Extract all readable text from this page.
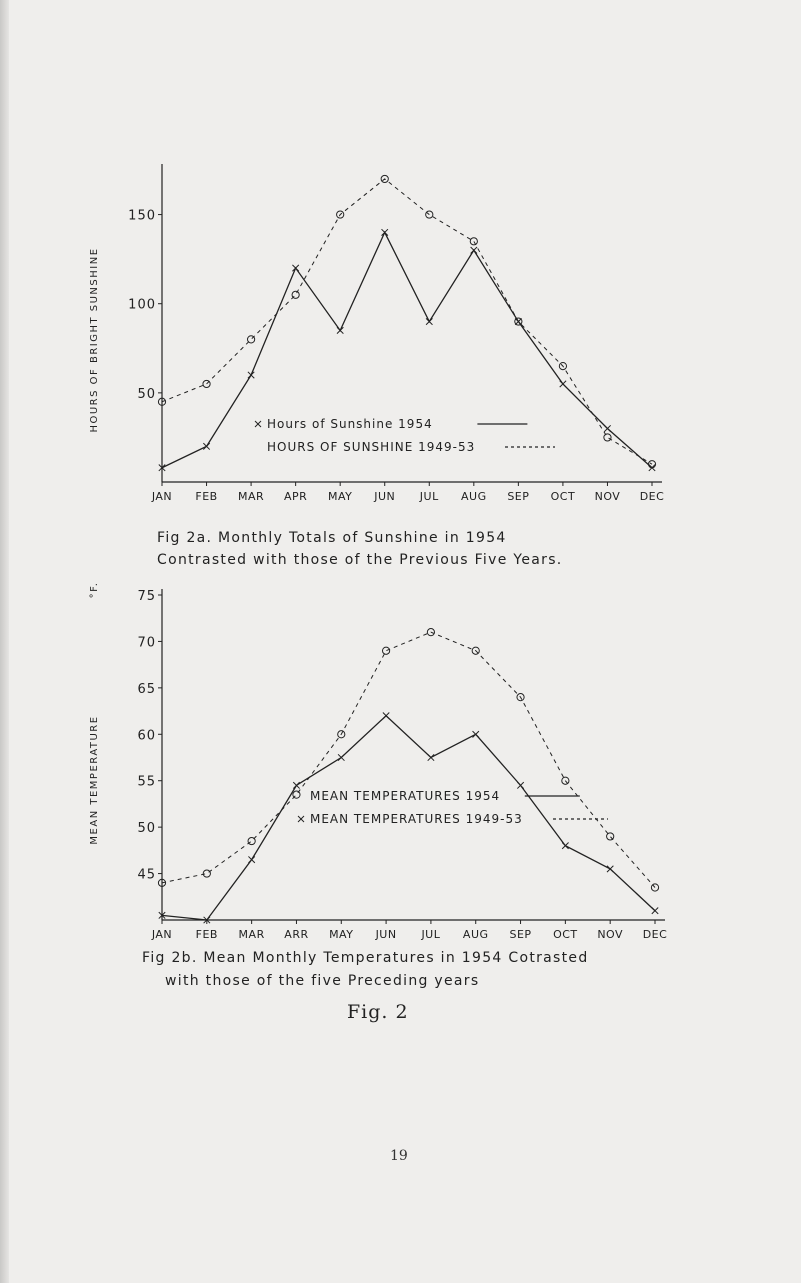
50
100
150
JAN FEB MAR APR MAY JUN JUL AUG SEP OCT NOV DEC
HOURS OF BRIGHT SUNSHINE	Hours of Sunshine 1954
HOURS OF SUNSHINE 1949-53
Fig 2a. Monthly Totals of Sunshine in 1954
Contrasted with those of the Previous Five Years.
45
50
55
60
65
70
75
JAN FEB MAR ARR MAY JUN JUL AUG SEP OCT NOV DEC
MEAN TEMPERATURE
°F.
MEAN TEMPERATURES 1954
MEAN TEMPERATURES 1949-53
Fig 2b. Mean Monthly Temperatures in 1954 Cotrasted
with those of the five Preceding years
Fig. 2
19
